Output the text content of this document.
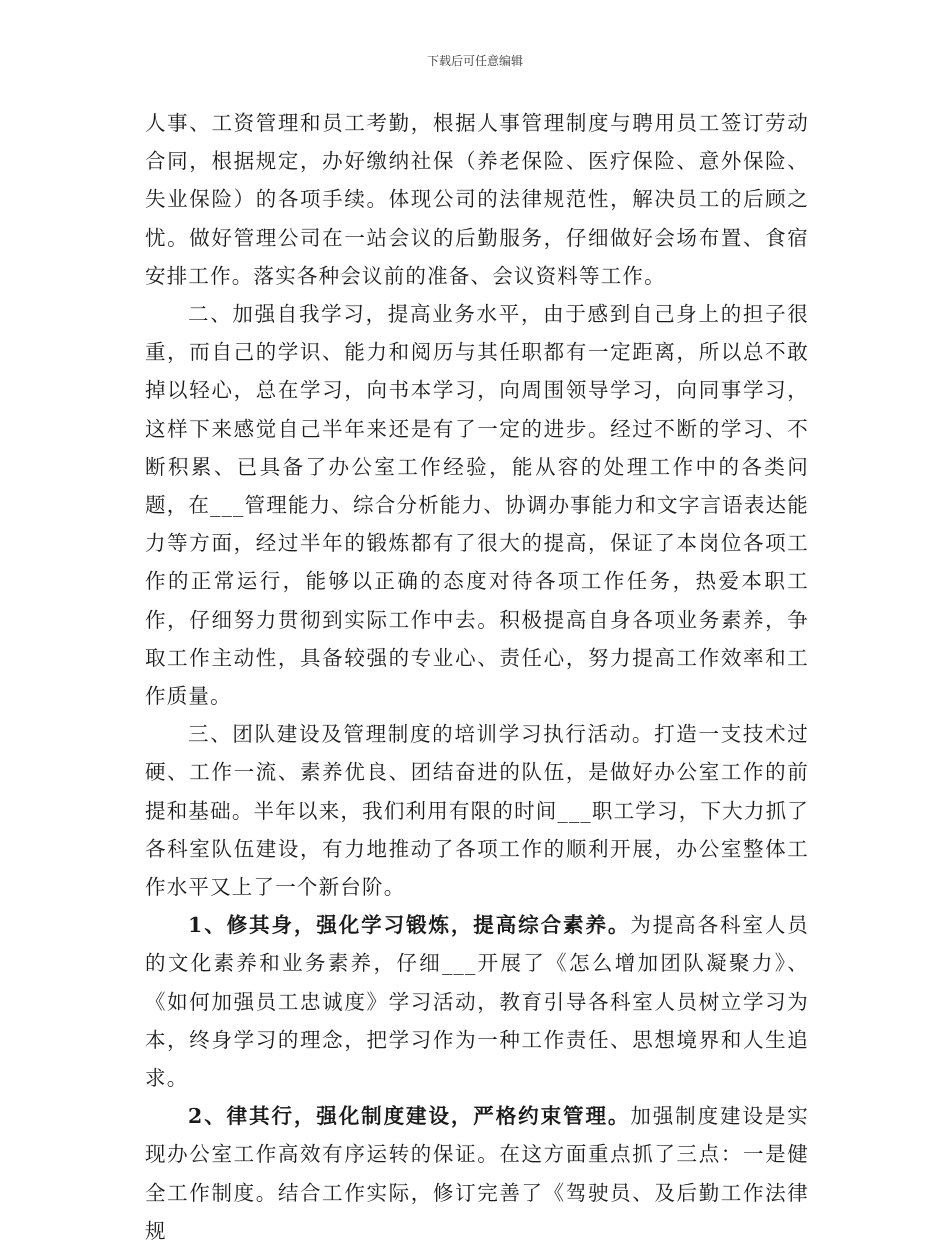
下载后可任意编辑

人事、工资管理和员工考勤，根据人事管理制度与聘用员工签订劳动合同，根据规定，办好缴纳社保（养老保险、医疗保险、意外保险、失业保险）的各项手续。体现公司的法律规范性，解决员工的后顾之忧。做好管理公司在一站会议的后勤服务，仔细做好会场布置、食宿安排工作。落实各种会议前的准备、会议资料等工作。

二、加强自我学习，提高业务水平，由于感到自己身上的担子很重，而自己的学识、能力和阅历与其任职都有一定距离，所以总不敢掉以轻心，总在学习，向书本学习，向周围领导学习，向同事学习，这样下来感觉自己半年来还是有了一定的进步。经过不断的学习、不断积累、已具备了办公室工作经验，能从容的处理工作中的各类问题，在___管理能力、综合分析能力、协调办事能力和文字言语表达能力等方面，经过半年的锻炼都有了很大的提高，保证了本岗位各项工作的正常运行，能够以正确的态度对待各项工作任务，热爱本职工作，仔细努力贯彻到实际工作中去。积极提高自身各项业务素养，争取工作主动性，具备较强的专业心、责任心，努力提高工作效率和工作质量。

三、团队建设及管理制度的培训学习执行活动。打造一支技术过硬、工作一流、素养优良、团结奋进的队伍，是做好办公室工作的前提和基础。半年以来，我们利用有限的时间___职工学习，下大力抓了各科室队伍建设，有力地推动了各项工作的顺利开展，办公室整体工作水平又上了一个新台阶。

1、修其身，强化学习锻炼，提高综合素养。为提高各科室人员的文化素养和业务素养，仔细___开展了《怎么增加团队凝聚力》、《如何加强员工忠诚度》学习活动，教育引导各科室人员树立学习为本，终身学习的理念，把学习作为一种工作责任、思想境界和人生追求。

2、律其行，强化制度建设，严格约束管理。加强制度建设是实现办公室工作高效有序运转的保证。在这方面重点抓了三点：一是健全工作制度。结合工作实际，修订完善了《驾驶员、及后勤工作法律规
